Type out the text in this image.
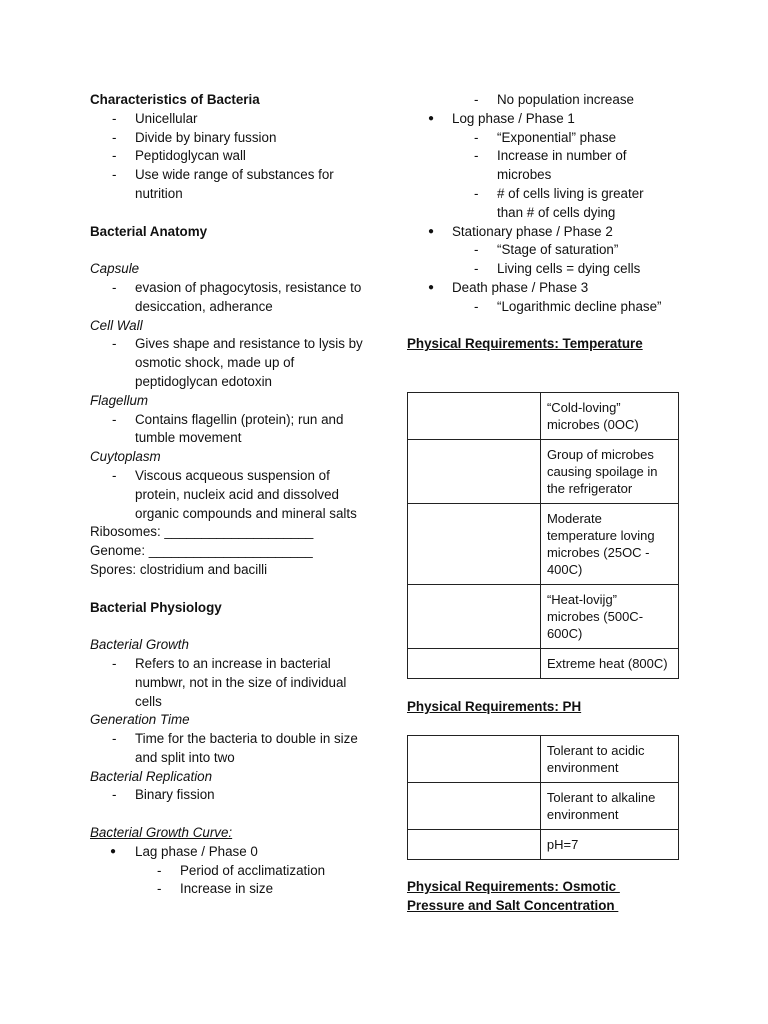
Characteristics of Bacteria
- Unicellular
- Divide by binary fussion
- Peptidoglycan wall
- Use wide range of substances for nutrition
Bacterial Anatomy
Capsule
- evasion of phagocytosis, resistance to desiccation, adherance
Cell Wall
- Gives shape and resistance to lysis by osmotic shock, made up of peptidoglycan edotoxin
Flagellum
- Contains flagellin (protein); run and tumble movement
Cuytoplasm
- Viscous acqueous suspension of protein, nucleix acid and dissolved organic compounds and mineral salts
Ribosomes: ____________________
Genome: ______________________
Spores: clostridium and bacilli
Bacterial Physiology
Bacterial Growth
- Refers to an increase in bacterial numbwr, not in the size of individual cells
Generation Time
- Time for the bacteria to double in size and split into two
Bacterial Replication
- Binary fission
Bacterial Growth Curve:
● Lag phase / Phase 0
- Period of acclimatization
- Increase in size
- No population increase
● Log phase / Phase 1
- “Exponential” phase
- Increase in number of microbes
- # of cells living is greater than # of cells dying
● Stationary phase / Phase 2
- “Stage of saturation”
- Living cells = dying cells
● Death phase / Phase 3
- “Logarithmic decline phase”
Physical Requirements: Temperature
	“Cold-loving” microbes (0OC)
	Group of microbes causing spoilage in the refrigerator
	Moderate temperature loving microbes (25OC - 400C)
	“Heat-lovijg” microbes (500C-600C)
	Extreme heat (800C)
Physical Requirements: PH
	Tolerant to acidic environment
	Tolerant to alkaline environment
	pH=7
Physical Requirements: Osmotic
Pressure and Salt Concentration
